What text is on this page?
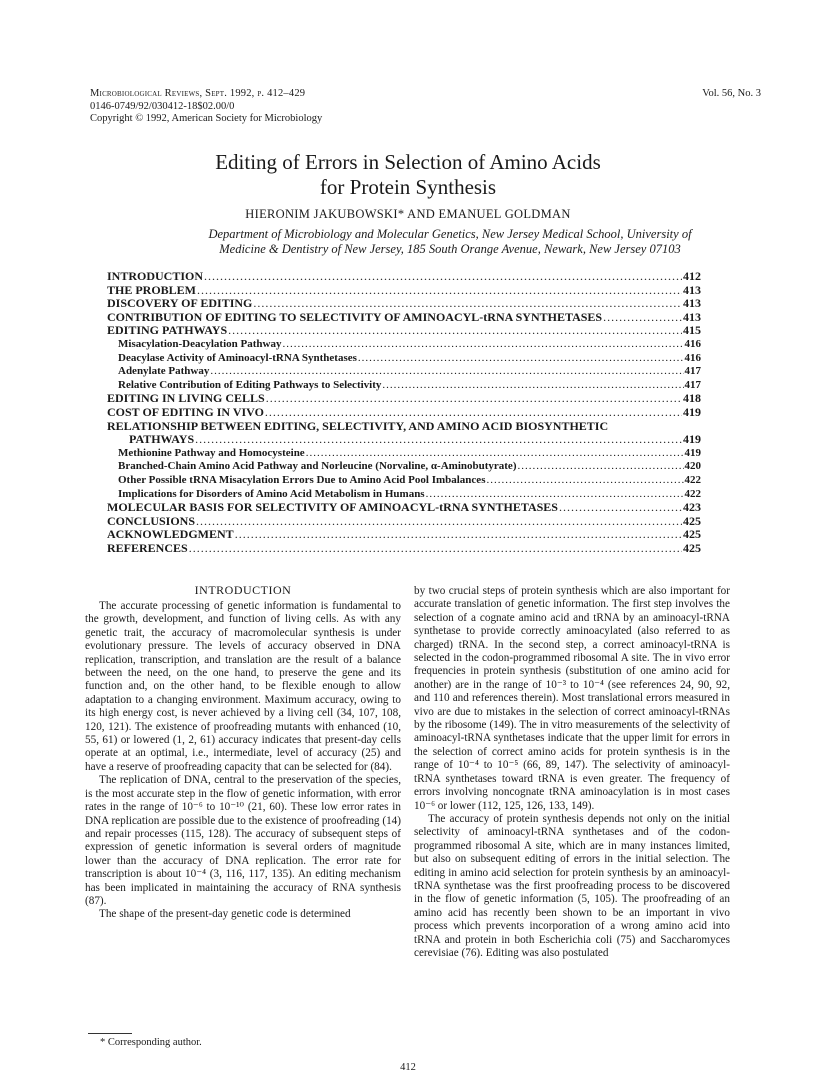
Microbiological Reviews, Sept. 1992, p. 412–429
0146-0749/92/030412-18$02.00/0
Copyright © 1992, American Society for Microbiology
Vol. 56, No. 3
Editing of Errors in Selection of Amino Acids
for Protein Synthesis
HIERONIM JAKUBOWSKI* AND EMANUEL GOLDMAN
Department of Microbiology and Molecular Genetics, New Jersey Medical School, University of
Medicine & Dentistry of New Jersey, 185 South Orange Avenue, Newark, New Jersey 07103
INTRODUCTION .....	412
THE PROBLEM .....	413
DISCOVERY OF EDITING .....	413
CONTRIBUTION OF EDITING TO SELECTIVITY OF AMINOACYL-tRNA SYNTHETASES .....	413
EDITING PATHWAYS .....	415
Misacylation-Deacylation Pathway .....	416
Deacylase Activity of Aminoacyl-tRNA Synthetases .....	416
Adenylate Pathway .....	417
Relative Contribution of Editing Pathways to Selectivity .....	417
EDITING IN LIVING CELLS .....	418
COST OF EDITING IN VIVO .....	419
RELATIONSHIP BETWEEN EDITING, SELECTIVITY, AND AMINO ACID BIOSYNTHETIC
PATHWAYS .....	419
Methionine Pathway and Homocysteine .....	419
Branched-Chain Amino Acid Pathway and Norleucine (Norvaline, α-Aminobutyrate) .....	420
Other Possible tRNA Misacylation Errors Due to Amino Acid Pool Imbalances .....	422
Implications for Disorders of Amino Acid Metabolism in Humans .....	422
MOLECULAR BASIS FOR SELECTIVITY OF AMINOACYL-tRNA SYNTHETASES .....	423
CONCLUSIONS .....	425
ACKNOWLEDGMENT .....	425
REFERENCES .....	425
INTRODUCTION

The accurate processing of genetic information is fundamental to the growth, development, and function of living cells. As with any genetic trait, the accuracy of macromolecular synthesis is under evolutionary pressure. The levels of accuracy observed in DNA replication, transcription, and translation are the result of a balance between the need, on the one hand, to preserve the gene and its function and, on the other hand, to be flexible enough to allow adaptation to a changing environment. Maximum accuracy, owing to its high energy cost, is never achieved by a living cell (34, 107, 108, 120, 121). The existence of proofreading mutants with enhanced (10, 55, 61) or lowered (1, 2, 61) accuracy indicates that present-day cells operate at an optimal, i.e., intermediate, level of accuracy (25) and have a reserve of proofreading capacity that can be selected for (84).

The replication of DNA, central to the preservation of the species, is the most accurate step in the flow of genetic information, with error rates in the range of 10⁻⁶ to 10⁻¹⁰ (21, 60). These low error rates in DNA replication are possible due to the existence of proofreading (14) and repair processes (115, 128). The accuracy of subsequent steps of expression of genetic information is several orders of magnitude lower than the accuracy of DNA replication. The error rate for transcription is about 10⁻⁴ (3, 116, 117, 135). An editing mechanism has been implicated in maintaining the accuracy of RNA synthesis (87).

The shape of the present-day genetic code is determined

by two crucial steps of protein synthesis which are also important for accurate translation of genetic information. The first step involves the selection of a cognate amino acid and tRNA by an aminoacyl-tRNA synthetase to provide correctly aminoacylated (also referred to as charged) tRNA. In the second step, a correct aminoacyl-tRNA is selected in the codon-programmed ribosomal A site. The in vivo error frequencies in protein synthesis (substitution of one amino acid for another) are in the range of 10⁻³ to 10⁻⁴ (see references 24, 90, 92, and 110 and references therein). Most translational errors measured in vivo are due to mistakes in the selection of correct aminoacyl-tRNAs by the ribosome (149). The in vitro measurements of the selectivity of aminoacyl-tRNA synthetases indicate that the upper limit for errors in the selection of correct amino acids for protein synthesis is in the range of 10⁻⁴ to 10⁻⁵ (66, 89, 147). The selectivity of aminoacyl-tRNA synthetases toward tRNA is even greater. The frequency of errors involving noncognate tRNA aminoacylation is in most cases 10⁻⁶ or lower (112, 125, 126, 133, 149).

The accuracy of protein synthesis depends not only on the initial selectivity of aminoacyl-tRNA synthetases and of the codon-programmed ribosomal A site, which are in many instances limited, but also on subsequent editing of errors in the initial selection. The editing in amino acid selection for protein synthesis by an aminoacyl-tRNA synthetase was the first proofreading process to be discovered in the flow of genetic information (5, 105). The proofreading of an amino acid has recently been shown to be an important in vivo process which prevents incorporation of a wrong amino acid into tRNA and protein in both Escherichia coli (75) and Saccharomyces cerevisiae (76). Editing was also postulated

* Corresponding author.
412
